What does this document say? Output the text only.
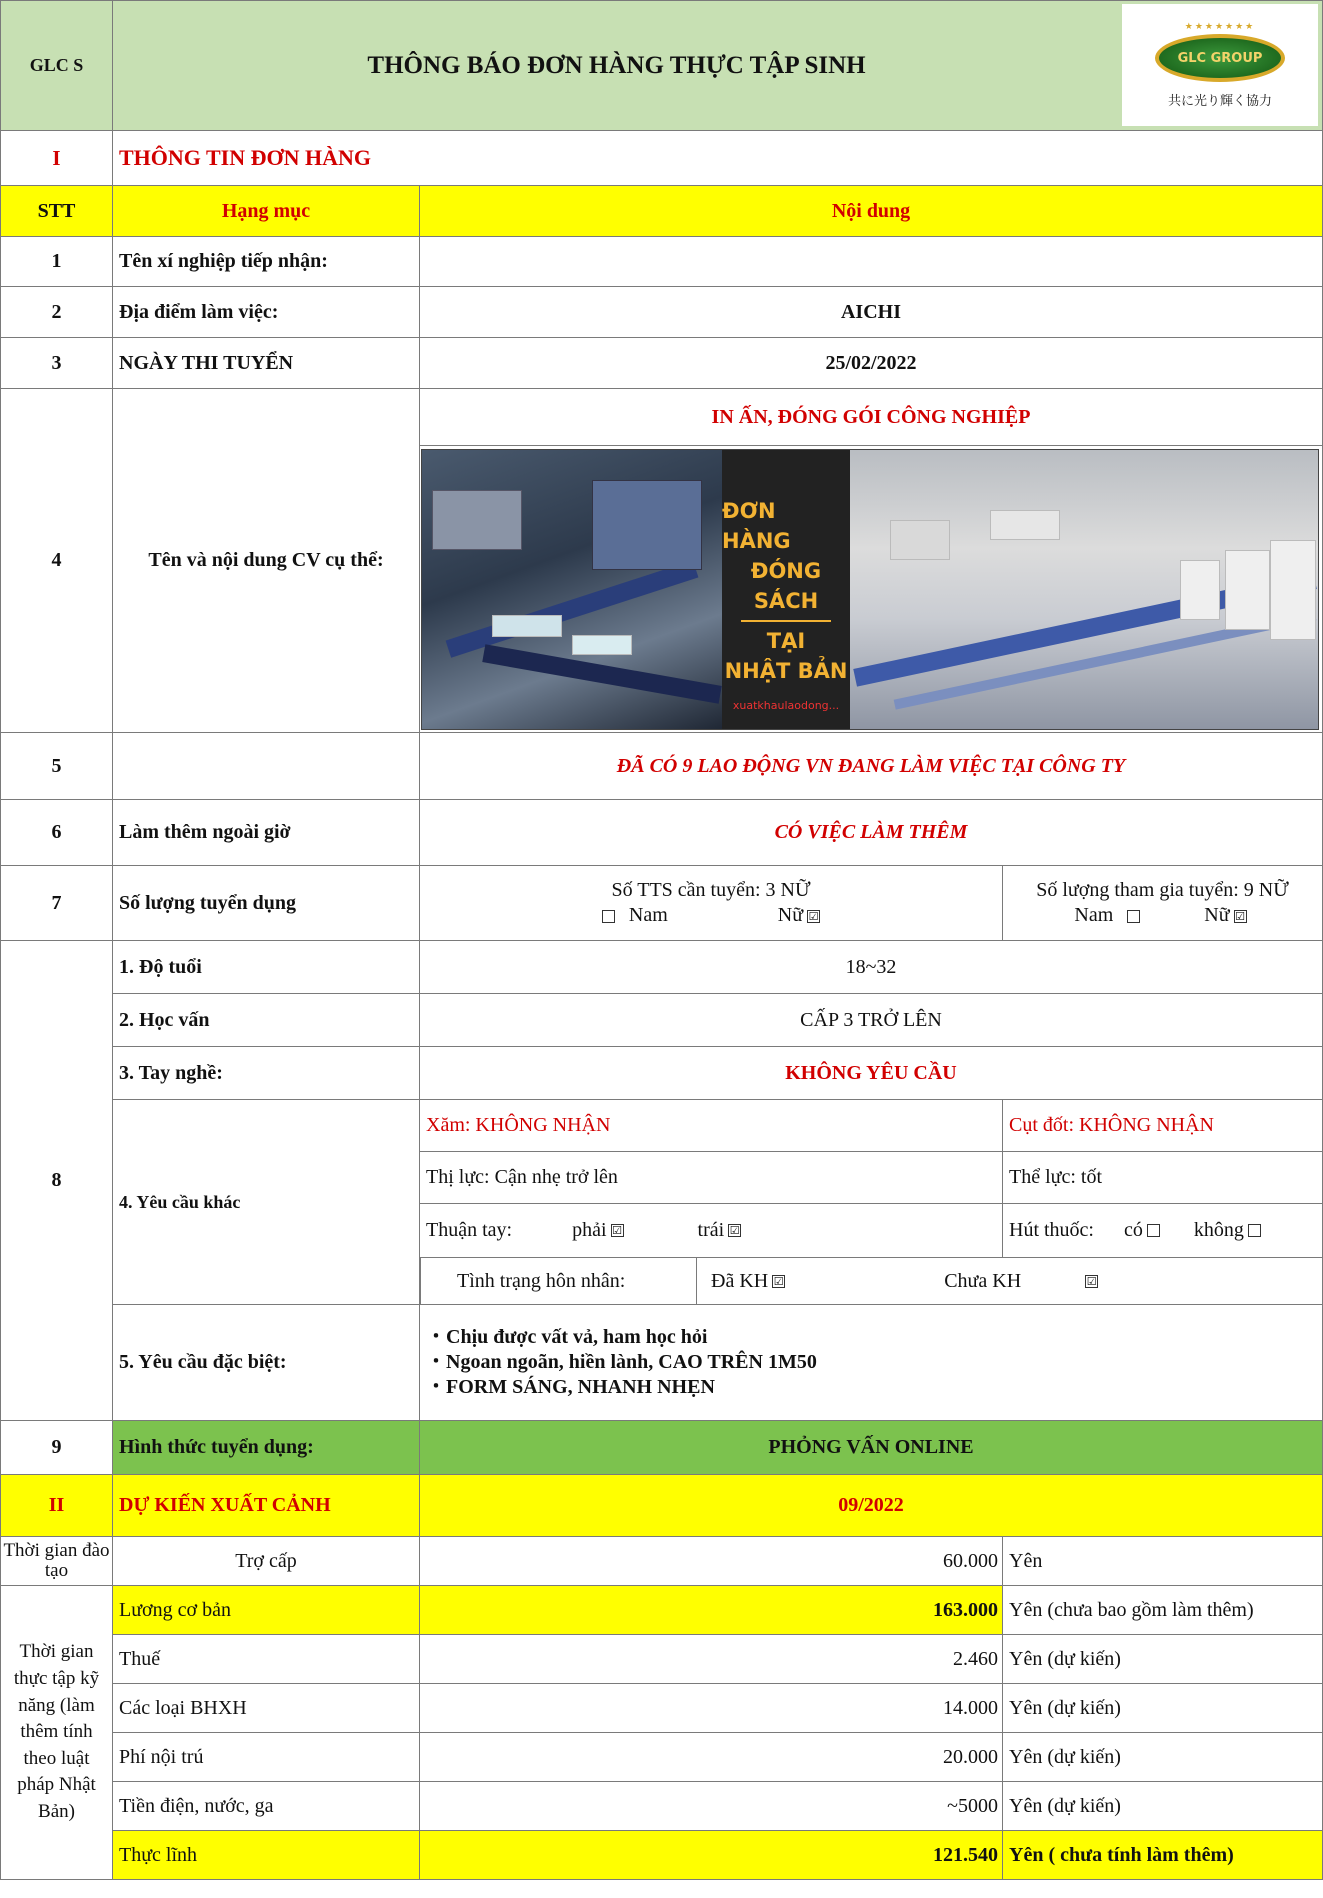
GLC S	THÔNG BÁO ĐƠN HÀNG THỰC TẬP SINH
★★★★★★★
GLC GROUP
共に光り輝く協力
I	THÔNG TIN ĐƠN HÀNG
STT	Hạng mục	Nội dung
1	Tên xí nghiệp tiếp nhận:
2	Địa điểm làm việc:	AICHI
3	NGÀY THI TUYỂN	25/02/2022
4	Tên và nội dung CV cụ thể:
IN ẤN, ĐÓNG GÓI CÔNG NGHIỆP
ĐƠN HÀNG
ĐÓNG
SÁCH
TẠI
NHẬT BẢN
xuatkhaulaodong...
5	ĐÃ CÓ 9 LAO ĐỘNG VN ĐANG LÀM VIỆC TẠI CÔNG TY
6	Làm thêm ngoài giờ	CÓ VIỆC LÀM THÊM
7	Số lượng tuyển dụng
Số TTS cần tuyển: 3 NỮ
Nam	Nữ ☑
Số lượng tham gia tuyển: 9 NỮ
Nam	Nữ ☑
8
1. Độ tuổi	18~32
2. Học vấn	CẤP 3 TRỞ LÊN
3. Tay nghề:	KHÔNG YÊU CẦU
4. Yêu cầu khác
Xăm: KHÔNG NHẬN	Cụt đốt: KHÔNG NHẬN
Thị lực: Cận nhẹ trở lên	Thể lực: tốt
Thuận tay:	phải ☑	trái ☑	Hút thuốc: có	không
Tình trạng hôn nhân:	Đã KH ☑	Chưa KH	☑
5. Yêu cầu đặc biệt:
・Chịu được vất vả, ham học hỏi
・Ngoan ngoãn, hiền lành, CAO TRÊN 1M50
・FORM SÁNG, NHANH NHẸN
9	Hình thức tuyển dụng:	PHỎNG VẤN ONLINE
II	DỰ KIẾN XUẤT CẢNH	09/2022
Thời gian đào tạo	Trợ cấp	60.000 Yên
Thời gian thực tập kỹ năng (làm thêm tính theo luật pháp Nhật Bản)
Lương cơ bản	163.000 Yên (chưa bao gồm làm thêm)
Thuế	2.460 Yên (dự kiến)
Các loại BHXH	14.000 Yên (dự kiến)
Phí nội trú	20.000 Yên (dự kiến)
Tiền điện, nước, ga	~5000 Yên (dự kiến)
Thực lĩnh	121.540 Yên ( chưa tính làm thêm)
